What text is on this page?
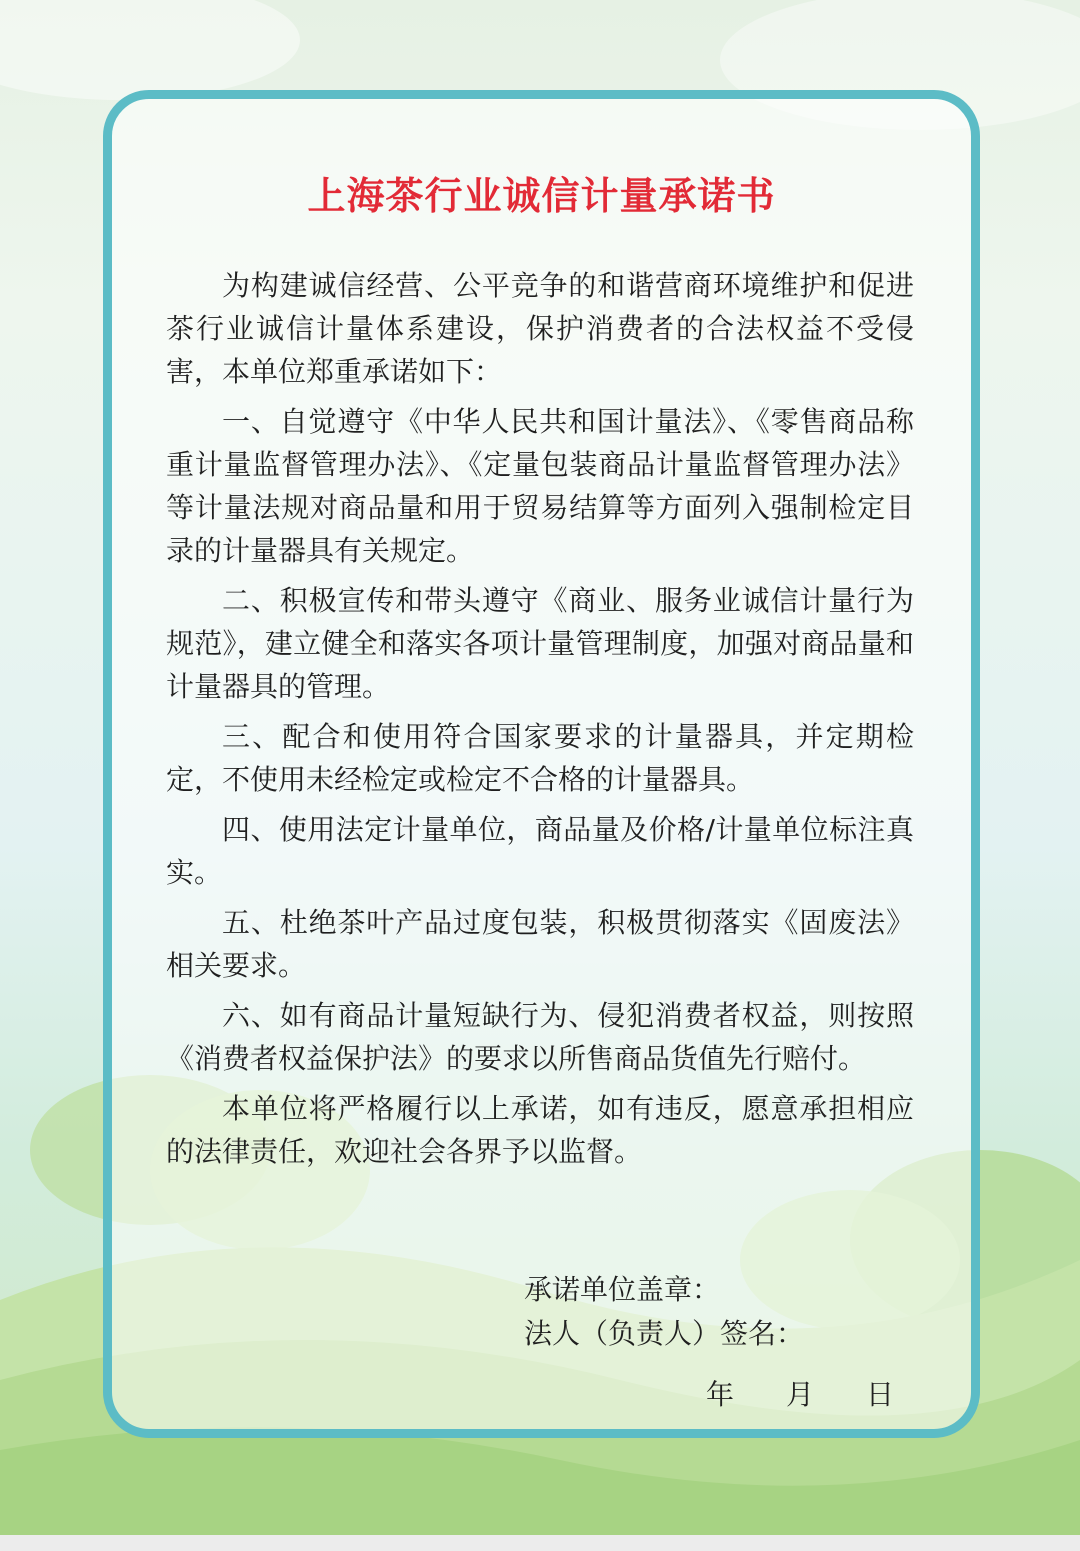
上海茶行业诚信计量承诺书

为构建诚信经营、公平竞争的和谐营商环境维护和促进茶行业诚信计量体系建设，保护消费者的合法权益不受侵害，本单位郑重承诺如下：

一、自觉遵守《中华人民共和国计量法》、《零售商品称重计量监督管理办法》、《定量包装商品计量监督管理办法》等计量法规对商品量和用于贸易结算等方面列入强制检定目录的计量器具有关规定。

二、积极宣传和带头遵守《商业、服务业诚信计量行为规范》，建立健全和落实各项计量管理制度，加强对商品量和计量器具的管理。

三、配合和使用符合国家要求的计量器具，并定期检定，不使用未经检定或检定不合格的计量器具。

四、使用法定计量单位，商品量及价格/计量单位标注真实。

五、杜绝茶叶产品过度包装，积极贯彻落实《固废法》相关要求。

六、如有商品计量短缺行为、侵犯消费者权益，则按照《消费者权益保护法》的要求以所售商品货值先行赔付。

本单位将严格履行以上承诺，如有违反，愿意承担相应的法律责任，欢迎社会各界予以监督。

承诺单位盖章：
法人（负责人）签名：
年 月 日
